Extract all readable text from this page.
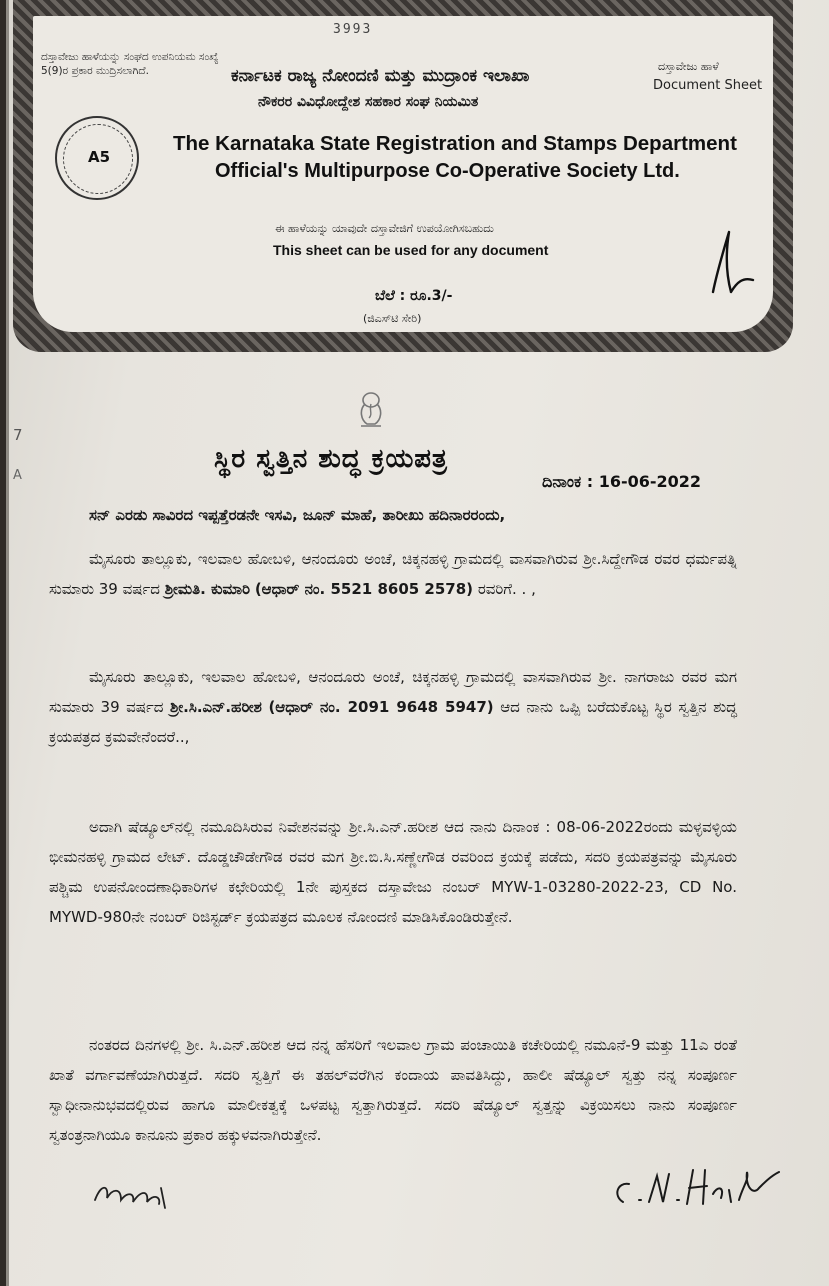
3993
ದಸ್ತಾವೇಜು ಹಾಳೆಯನ್ನು ಸಂಘದ ಉಪನಿಯಮ ಸಂಖ್ಯೆ 5(9)ರ ಪ್ರಕಾರ ಮುದ್ರಿಸಲಾಗಿದೆ.	ದಸ್ತಾವೇಜು ಹಾಳೆ
Document Sheet
A5
ಕರ್ನಾಟಕ ರಾಜ್ಯ ನೋಂದಣಿ ಮತ್ತು ಮುದ್ರಾಂಕ ಇಲಾಖಾ
ನೌಕರರ ವಿವಿಧೋದ್ದೇಶ ಸಹಕಾರ ಸಂಘ ನಿಯಮಿತ
The Karnataka State Registration and Stamps Department
Official's Multipurpose Co-Operative Society Ltd.
ಈ ಹಾಳೆಯನ್ನು ಯಾವುದೇ ದಸ್ತಾವೇಜಿಗೆ ಉಪಯೋಗಿಸಬಹುದು
This sheet can be used for any document
ಬೆಲೆ : ರೂ.3/-
(ಜಿಎಸ್‌ಟಿ ಸೇರಿ)
7
A
ಸ್ಥಿರ ಸ್ವತ್ತಿನ ಶುದ್ಧ ಕ್ರಯಪತ್ರ
ದಿನಾಂಕ : 16-06-2022
ಸನ್ ಎರಡು ಸಾವಿರದ ಇಪ್ಪತ್ತೆರಡನೇ ಇಸವಿ, ಜೂನ್ ಮಾಹೆ, ತಾರೀಖು ಹದಿನಾರರಂದು,
ಮೈಸೂರು ತಾಲ್ಲೂಕು, ಇಲವಾಲ ಹೋಬಳಿ, ಆನಂದೂರು ಅಂಚೆ, ಚಿಕ್ಕನಹಳ್ಳಿ ಗ್ರಾಮದಲ್ಲಿ ವಾಸವಾಗಿರುವ ಶ್ರೀ.ಸಿದ್ದೇಗೌಡ ರವರ ಧರ್ಮಪತ್ನಿ ಸುಮಾರು 39 ವರ್ಷದ ಶ್ರೀಮತಿ. ಕುಮಾರಿ (ಆಧಾರ್ ನಂ. 5521 8605 2578) ರವರಿಗೆ. . ,
ಮೈಸೂರು ತಾಲ್ಲೂಕು, ಇಲವಾಲ ಹೋಬಳಿ, ಆನಂದೂರು ಅಂಚೆ, ಚಿಕ್ಕನಹಳ್ಳಿ ಗ್ರಾಮದಲ್ಲಿ ವಾಸವಾಗಿರುವ ಶ್ರೀ. ನಾಗರಾಜು ರವರ ಮಗ ಸುಮಾರು 39 ವರ್ಷದ ಶ್ರೀ.ಸಿ.ಎನ್.ಹರೀಶ (ಆಧಾರ್ ನಂ. 2091 9648 5947) ಆದ ನಾನು ಒಪ್ಪಿ ಬರೆದುಕೊಟ್ಟ ಸ್ಥಿರ ಸ್ವತ್ತಿನ ಶುದ್ಧ ಕ್ರಯಪತ್ರದ ಕ್ರಮವೇನೆಂದರೆ..,
ಅದಾಗಿ ಷೆಡ್ಯೂಲ್‌ನಲ್ಲಿ ನಮೂದಿಸಿರುವ ನಿವೇಶನವನ್ನು ಶ್ರೀ.ಸಿ.ಎನ್.ಹರೀಶ ಆದ ನಾನು ದಿನಾಂಕ : 08-06-2022ರಂದು ಮಳ್ಳವಳ್ಳಿಯ ಭೀಮನಹಳ್ಳಿ ಗ್ರಾಮದ ಲೇಟ್. ದೊಡ್ಡಚೌಡೇಗೌಡ ರವರ ಮಗ ಶ್ರೀ.ಬಿ.ಸಿ.ಸಣ್ಣೇಗೌಡ ರವರಿಂದ ಕ್ರಯಕ್ಕೆ ಪಡೆದು, ಸದರಿ ಕ್ರಯಪತ್ರವನ್ನು ಮೈಸೂರು ಪಶ್ಚಿಮ ಉಪನೋಂದಣಾಧಿಕಾರಿಗಳ ಕಛೇರಿಯಲ್ಲಿ 1ನೇ ಪುಸ್ತಕದ ದಸ್ತಾವೇಜು ನಂಬರ್ MYW-1-03280-2022-23, CD No. MYWD-980ನೇ ನಂಬರ್ ರಿಜಿಸ್ಟರ್ಡ್ ಕ್ರಯಪತ್ರದ ಮೂಲಕ ನೋಂದಣಿ ಮಾಡಿಸಿಕೊಂಡಿರುತ್ತೇನೆ.
ನಂತರದ ದಿನಗಳಲ್ಲಿ ಶ್ರೀ. ಸಿ.ಎನ್.ಹರೀಶ ಆದ ನನ್ನ ಹೆಸರಿಗೆ ಇಲವಾಲ ಗ್ರಾಮ ಪಂಚಾಯಿತಿ ಕಚೇರಿಯಲ್ಲಿ ನಮೂನೆ-9 ಮತ್ತು 11ಎ ರಂತೆ ಖಾತೆ ವರ್ಗಾವಣೆಯಾಗಿರುತ್ತದೆ. ಸದರಿ ಸ್ವತ್ತಿಗೆ ಈ ತಹಲ್‌ವರೆಗಿನ ಕಂದಾಯ ಪಾವತಿಸಿದ್ದು, ಹಾಲೀ ಷೆಡ್ಯೂಲ್ ಸ್ವತ್ತು ನನ್ನ ಸಂಪೂರ್ಣ ಸ್ವಾಧೀನಾನುಭವದಲ್ಲಿರುವ ಹಾಗೂ ಮಾಲೀಕತ್ವಕ್ಕೆ ಒಳಪಟ್ಟ ಸ್ವತ್ತಾಗಿರುತ್ತದೆ. ಸದರಿ ಷೆಡ್ಯೂಲ್ ಸ್ವತ್ತನ್ನು ವಿಕ್ರಯಿಸಲು ನಾನು ಸಂಪೂರ್ಣ ಸ್ವತಂತ್ರನಾಗಿಯೂ ಕಾನೂನು ಪ್ರಕಾರ ಹಕ್ಕುಳವನಾಗಿರುತ್ತೇನೆ.
